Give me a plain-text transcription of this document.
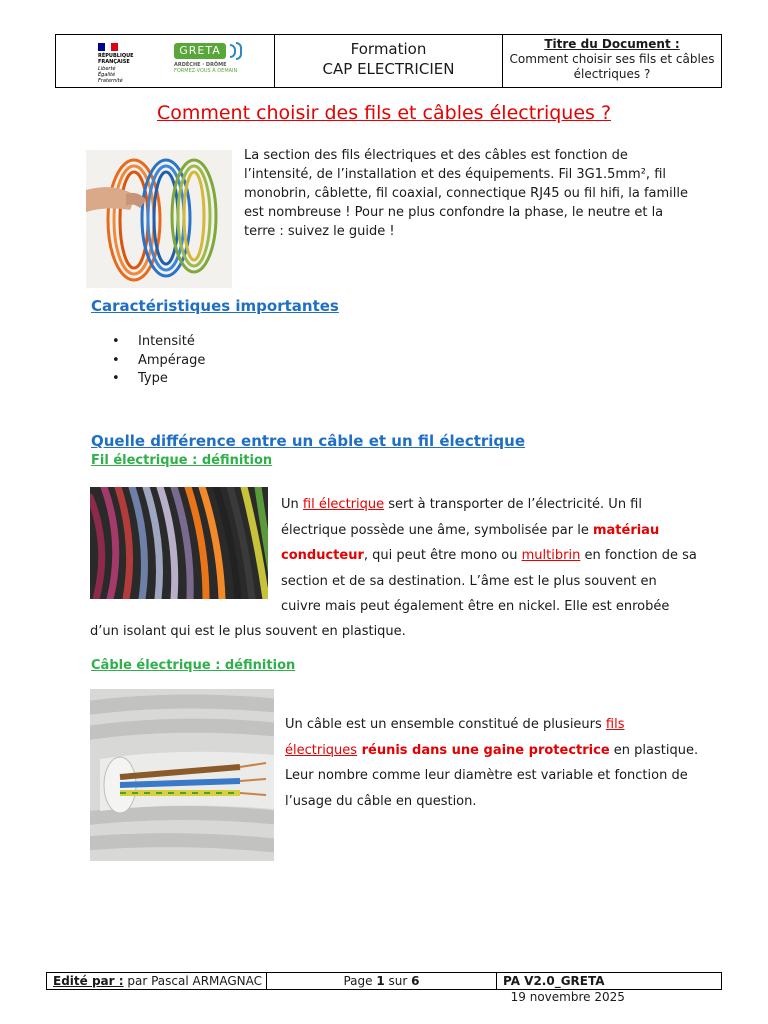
RÉPUBLIQUE
FRANÇAISE
Liberté
Égalité
Fraternité
GRETA
ARDÈCHE · DRÔME
FORMEZ-VOUS À DEMAIN
Formation
CAP ELECTRICIEN
Titre du Document :
Comment choisir ses fils et câbles
électriques ?
Comment choisir des fils et câbles électriques ?
La section des fils électriques et des câbles est fonction de
l’intensité, de l’installation et des équipements. Fil 3G1.5mm², fil
monobrin, câblette, fil coaxial, connectique RJ45 ou fil hifi, la famille
est nombreuse ! Pour ne plus confondre la phase, le neutre et la
terre : suivez le guide !
Caractéristiques importantes
• Intensité
• Ampérage
• Type
Quelle différence entre un câble et un fil électrique
Fil électrique : définition
Un fil électrique sert à transporter de l’électricité. Un fil
électrique possède une âme, symbolisée par le matériau
conducteur, qui peut être mono ou multibrin en fonction de sa
section et de sa destination. L’âme est le plus souvent en
cuivre mais peut également être en nickel. Elle est enrobée
d’un isolant qui est le plus souvent en plastique.
Câble électrique : définition
Un câble est un ensemble constitué de plusieurs fils
électriques réunis dans une gaine protectrice en plastique.
Leur nombre comme leur diamètre est variable et fonction de
l’usage du câble en question.
Edité par : par Pascal ARMAGNAC	Page 1 sur 6	PA V2.0_GRETA  19 novembre 2025
